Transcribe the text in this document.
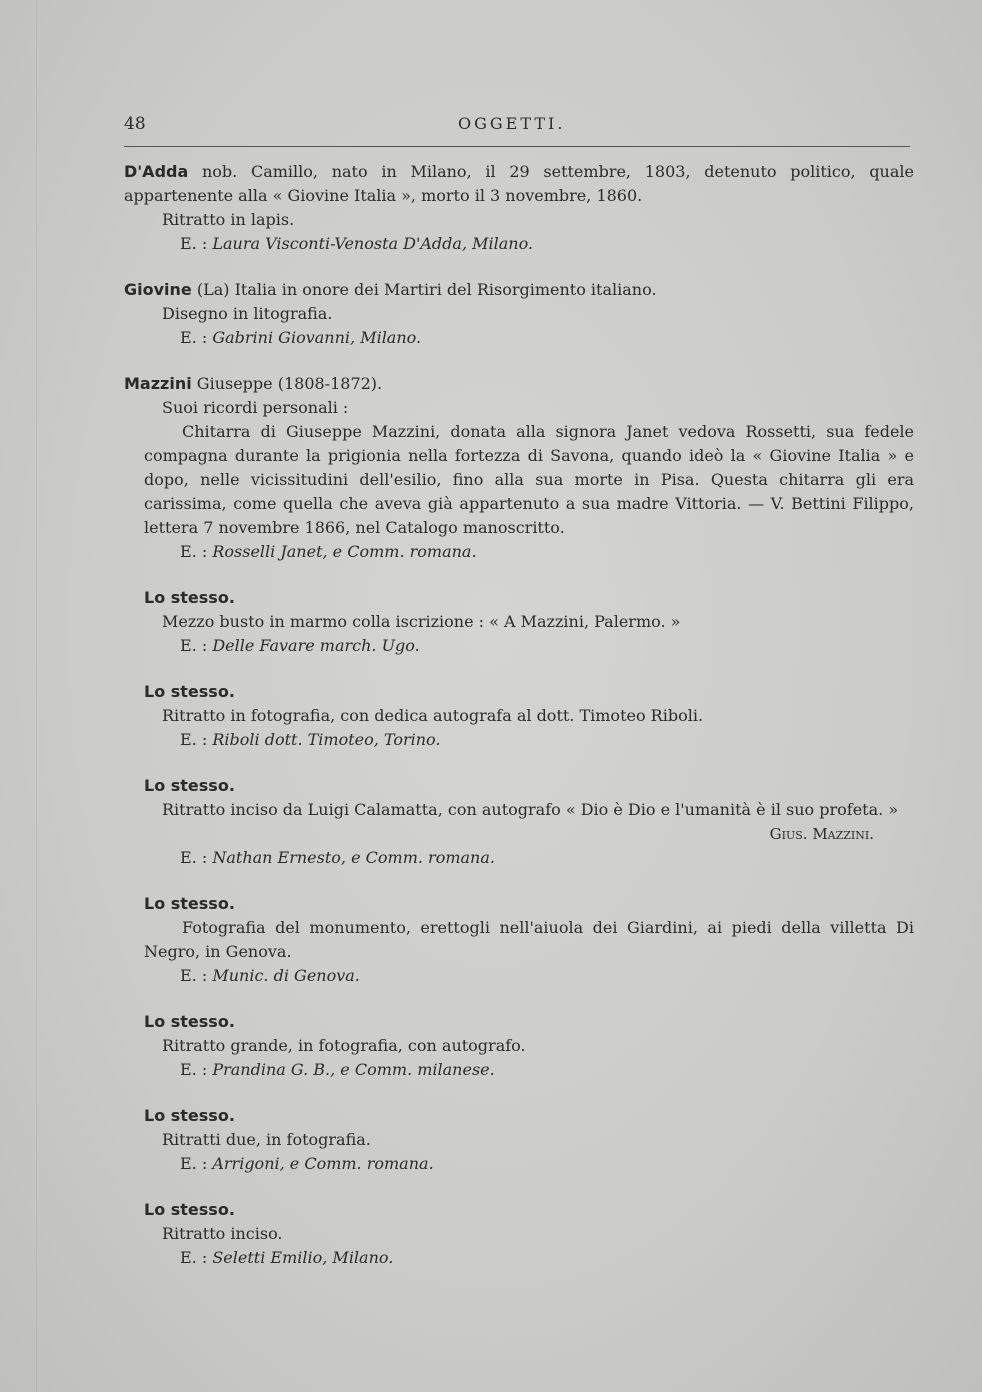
48	OGGETTI.

D'Adda nob. Camillo, nato in Milano, il 29 settembre, 1803, detenuto politico, quale appartenente alla « Giovine Italia », morto il 3 novembre, 1860.

Ritratto in lapis.

E. : Laura Visconti-Venosta D'Adda, Milano.

Giovine (La) Italia in onore dei Martiri del Risorgimento italiano.

Disegno in litografia.

E. : Gabrini Giovanni, Milano.

Mazzini Giuseppe (1808-1872).

Suoi ricordi personali :

Chitarra di Giuseppe Mazzini, donata alla signora Janet vedova Rossetti, sua fedele compagna durante la prigionia nella fortezza di Savona, quando ideò la « Giovine Italia » e dopo, nelle vicissitudini dell'esilio, fino alla sua morte in Pisa. Questa chitarra gli era carissima, come quella che aveva già appartenuto a sua madre Vittoria. — V. Bettini Filippo, lettera 7 novembre 1866, nel Catalogo manoscritto.

E. : Rosselli Janet, e Comm. romana.

Lo stesso.

Mezzo busto in marmo colla iscrizione : « A Mazzini, Palermo. »

E. : Delle Favare march. Ugo.

Lo stesso.

Ritratto in fotografia, con dedica autografa al dott. Timoteo Riboli.

E. : Riboli dott. Timoteo, Torino.

Lo stesso.

Ritratto inciso da Luigi Calamatta, con autografo « Dio è Dio e l'umanità è il suo profeta. »

Gius. Mazzini.

E. : Nathan Ernesto, e Comm. romana.

Lo stesso.

Fotografia del monumento, erettogli nell'aiuola dei Giardini, ai piedi della villetta Di Negro, in Genova.

E. : Munic. di Genova.

Lo stesso.

Ritratto grande, in fotografia, con autografo.

E. : Prandina G. B., e Comm. milanese.

Lo stesso.

Ritratti due, in fotografia.

E. : Arrigoni, e Comm. romana.

Lo stesso.

Ritratto inciso.

E. : Seletti Emilio, Milano.
